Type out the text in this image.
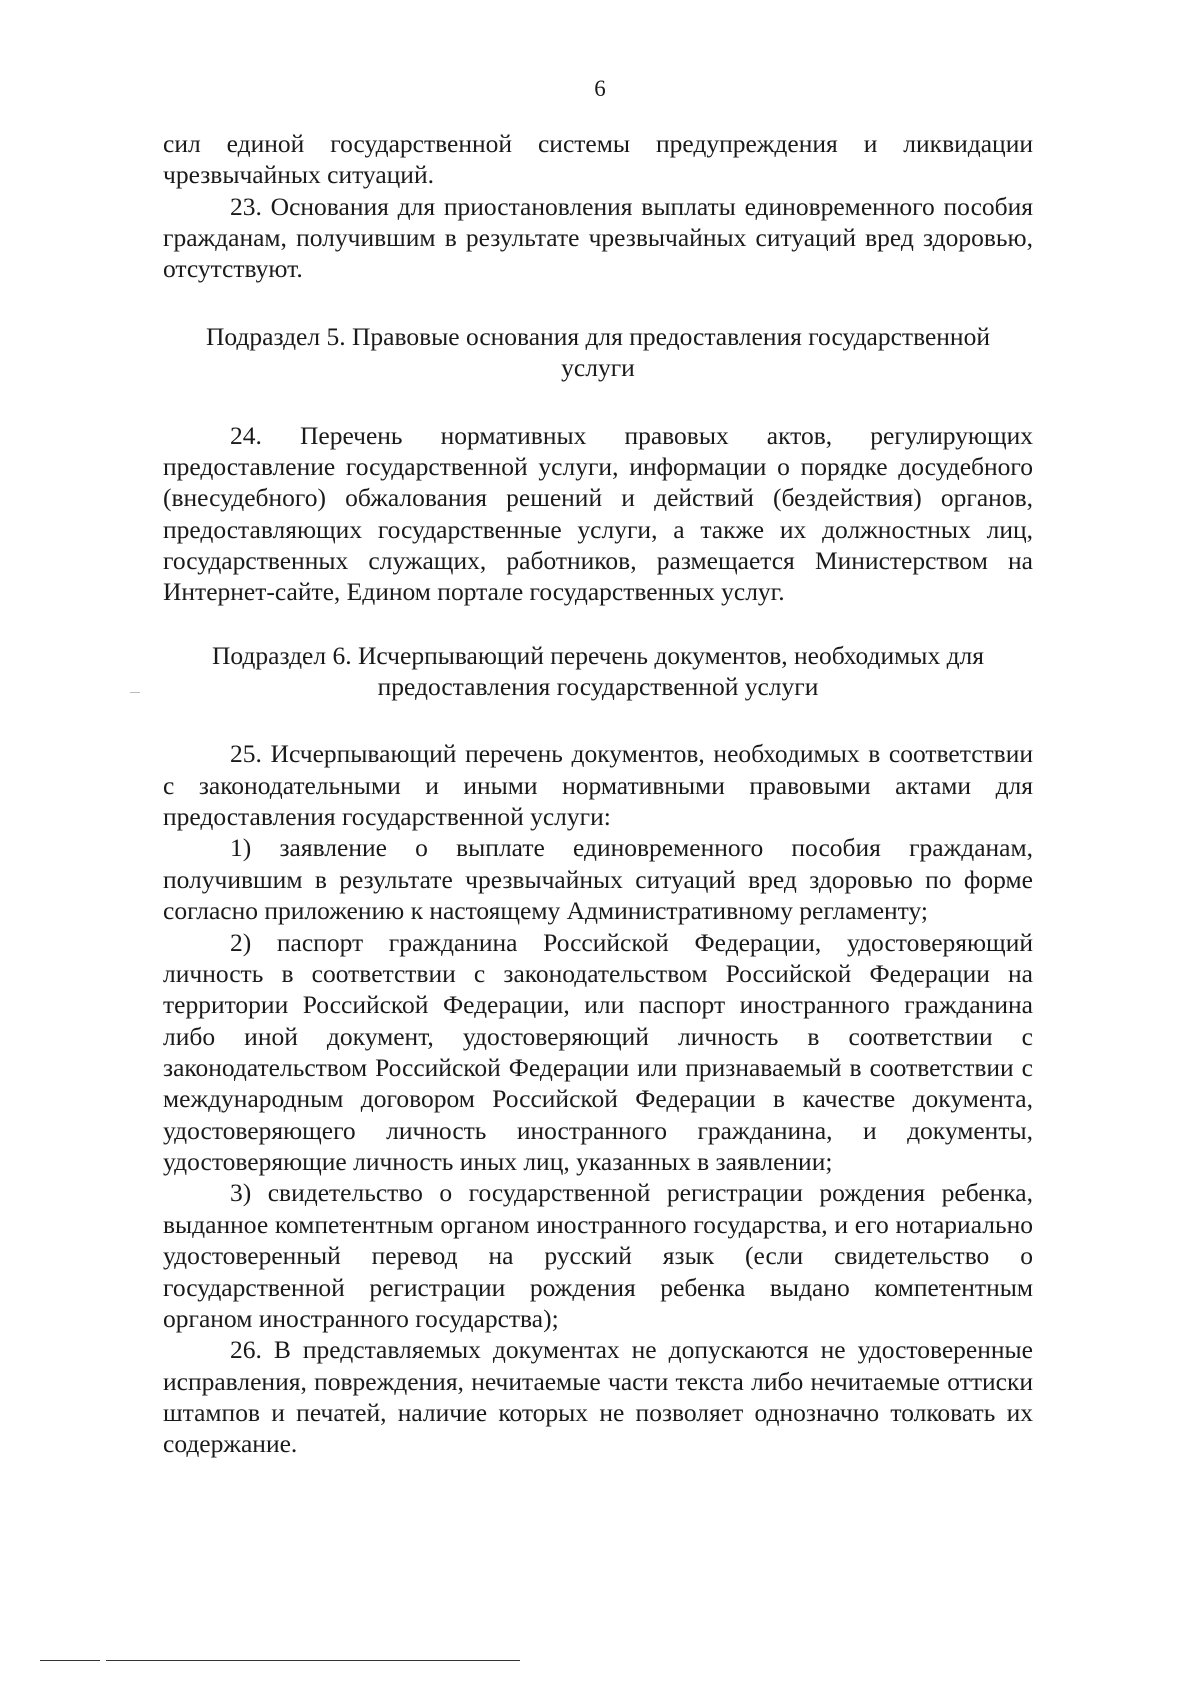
6

сил единой государственной системы предупреждения и ликвидации чрезвычайных ситуаций.

23. Основания для приостановления выплаты единовременного пособия гражданам, получившим в результате чрезвычайных ситуаций вред здоровью, отсутствуют.

Подраздел 5. Правовые основания для предоставления государственной услуги

24. Перечень нормативных правовых актов, регулирующих предоставление государственной услуги, информации о порядке досудебного (внесудебного) обжалования решений и действий (бездействия) органов, предоставляющих государственные услуги, а также их должностных лиц, государственных служащих, работников, размещается Министерством на Интернет-сайте, Едином портале государственных услуг.

Подраздел 6. Исчерпывающий перечень документов, необходимых для предоставления государственной услуги

25. Исчерпывающий перечень документов, необходимых в соответствии с законодательными и иными нормативными правовыми актами для предоставления государственной услуги:

1) заявление о выплате единовременного пособия гражданам, получившим в результате чрезвычайных ситуаций вред здоровью по форме согласно приложению к настоящему Административному регламенту;

2) паспорт гражданина Российской Федерации, удостоверяющий личность в соответствии с законодательством Российской Федерации на территории Российской Федерации, или паспорт иностранного гражданина либо иной документ, удостоверяющий личность в соответствии с законодательством Российской Федерации или признаваемый в соответствии с международным договором Российской Федерации в качестве документа, удостоверяющего личность иностранного гражданина, и документы, удостоверяющие личность иных лиц, указанных в заявлении;

3) свидетельство о государственной регистрации рождения ребенка, выданное компетентным органом иностранного государства, и его нотариально удостоверенный перевод на русский язык (если свидетельство о государственной регистрации рождения ребенка выдано компетентным органом иностранного государства);

26. В представляемых документах не допускаются не удостоверенные исправления, повреждения, нечитаемые части текста либо нечитаемые оттиски штампов и печатей, наличие которых не позволяет однозначно толковать их содержание.
